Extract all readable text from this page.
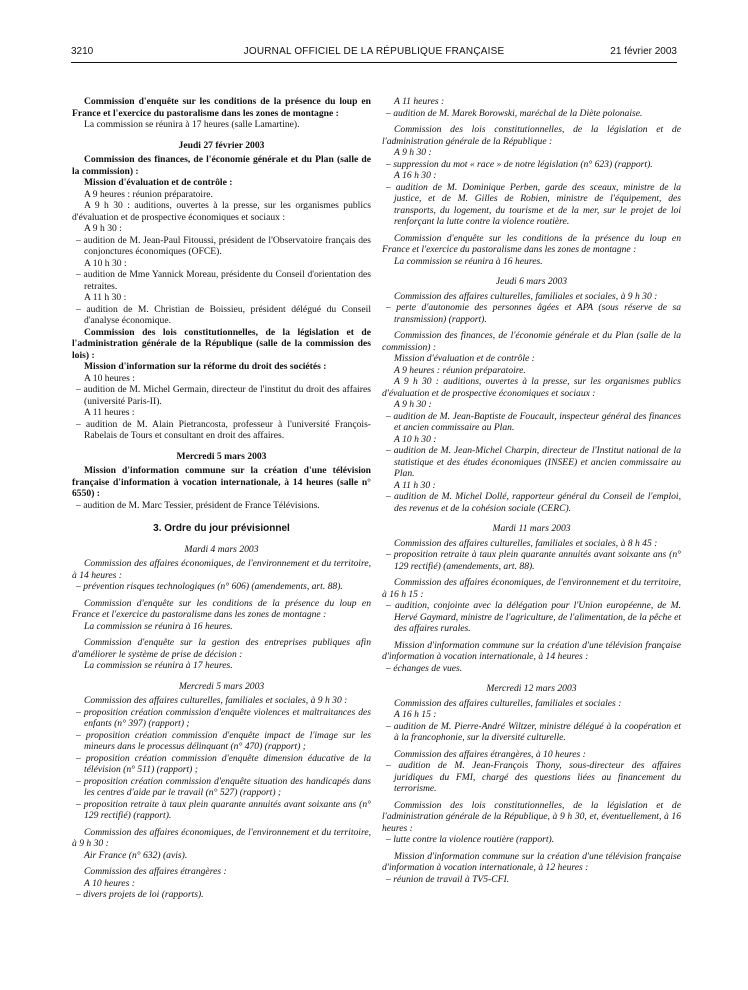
3210	JOURNAL OFFICIEL DE LA RÉPUBLIQUE FRANÇAISE	21 février 2003

Commission d'enquête sur les conditions de la présence du loup en France et l'exercice du pastoralisme dans les zones de montagne :

La commission se réunira à 17 heures (salle Lamartine).

Jeudi 27 février 2003

Commission des finances, de l'économie générale et du Plan (salle de la commission) :

Mission d'évaluation et de contrôle :

A 9 heures : réunion préparatoire.

A 9 h 30 : auditions, ouvertes à la presse, sur les organismes publics d'évaluation et de prospective économiques et sociaux :

A 9 h 30 :

– audition de M. Jean-Paul Fitoussi, président de l'Observatoire français des conjonctures économiques (OFCE).

A 10 h 30 :

– audition de Mme Yannick Moreau, présidente du Conseil d'orientation des retraites.

A 11 h 30 :

– audition de M. Christian de Boissieu, président délégué du Conseil d'analyse économique.

Commission des lois constitutionnelles, de la législation et de l'administration générale de la République (salle de la commission des lois) :

Mission d'information sur la réforme du droit des sociétés :

A 10 heures :

– audition de M. Michel Germain, directeur de l'institut du droit des affaires (université Paris-II).

A 11 heures :

– audition de M. Alain Pietrancosta, professeur à l'université François-Rabelais de Tours et consultant en droit des affaires.

Mercredi 5 mars 2003

Mission d'information commune sur la création d'une télévision française d'information à vocation internationale, à 14 heures (salle n° 6550) :

– audition de M. Marc Tessier, président de France Télévisions.

3. Ordre du jour prévisionnel

Mardi 4 mars 2003

Commission des affaires économiques, de l'environnement et du territoire, à 14 heures :

– prévention risques technologiques (n° 606) (amendements, art. 88).

Commission d'enquête sur les conditions de la présence du loup en France et l'exercice du pastoralisme dans les zones de montagne :

La commission se réunira à 16 heures.

Commission d'enquête sur la gestion des entreprises publiques afin d'améliorer le système de prise de décision :

La commission se réunira à 17 heures.

Mercredi 5 mars 2003

Commission des affaires culturelles, familiales et sociales, à 9 h 30 :

– proposition création commission d'enquête violences et maltraitances des enfants (n° 397) (rapport) ;

– proposition création commission d'enquête impact de l'image sur les mineurs dans le processus délinquant (n° 470) (rapport) ;

– proposition création commission d'enquête dimension éducative de la télévision (n° 511) (rapport) ;

– proposition création commission d'enquête situation des handicapés dans les centres d'aide par le travail (n° 527) (rapport) ;

– proposition retraite à taux plein quarante annuités avant soixante ans (n° 129 rectifié) (rapport).

Commission des affaires économiques, de l'environnement et du territoire, à 9 h 30 :

Air France (n° 632) (avis).

Commission des affaires étrangères :

A 10 heures :

– divers projets de loi (rapports).

A 11 heures :

– audition de M. Marek Borowski, maréchal de la Diète polonaise.

Commission des lois constitutionnelles, de la législation et de l'administration générale de la République :

A 9 h 30 :

– suppression du mot « race » de notre législation (n° 623) (rapport).

A 16 h 30 :

– audition de M. Dominique Perben, garde des sceaux, ministre de la justice, et de M. Gilles de Robien, ministre de l'équipement, des transports, du logement, du tourisme et de la mer, sur le projet de loi renforçant la lutte contre la violence routière.

Commission d'enquête sur les conditions de la présence du loup en France et l'exercice du pastoralisme dans les zones de montagne :

La commission se réunira à 16 heures.

Jeudi 6 mars 2003

Commission des affaires culturelles, familiales et sociales, à 9 h 30 :

– perte d'autonomie des personnes âgées et APA (sous réserve de sa transmission) (rapport).

Commission des finances, de l'économie générale et du Plan (salle de la commission) :

Mission d'évaluation et de contrôle :

A 9 heures : réunion préparatoire.

A 9 h 30 : auditions, ouvertes à la presse, sur les organismes publics d'évaluation et de prospective économiques et sociaux :

A 9 h 30 :

– audition de M. Jean-Baptiste de Foucault, inspecteur général des finances et ancien commissaire au Plan.

A 10 h 30 :

– audition de M. Jean-Michel Charpin, directeur de l'Institut national de la statistique et des études économiques (INSEE) et ancien commissaire au Plan.

A 11 h 30 :

– audition de M. Michel Dollé, rapporteur général du Conseil de l'emploi, des revenus et de la cohésion sociale (CERC).

Mardi 11 mars 2003

Commission des affaires culturelles, familiales et sociales, à 8 h 45 :

– proposition retraite à taux plein quarante annuités avant soixante ans (n° 129 rectifié) (amendements, art. 88).

Commission des affaires économiques, de l'environnement et du territoire, à 16 h 15 :

– audition, conjointe avec la délégation pour l'Union européenne, de M. Hervé Gaymard, ministre de l'agriculture, de l'alimentation, de la pêche et des affaires rurales.

Mission d'information commune sur la création d'une télévision française d'information à vocation internationale, à 14 heures :

– échanges de vues.

Mercredi 12 mars 2003

Commission des affaires culturelles, familiales et sociales :

A 16 h 15 :

– audition de M. Pierre-André Wiltzer, ministre délégué à la coopération et à la francophonie, sur la diversité culturelle.

Commission des affaires étrangères, à 10 heures :

– audition de M. Jean-François Thony, sous-directeur des affaires juridiques du FMI, chargé des questions liées au financement du terrorisme.

Commission des lois constitutionnelles, de la législation et de l'administration générale de la République, à 9 h 30, et, éventuellement, à 16 heures :

– lutte contre la violence routière (rapport).

Mission d'information commune sur la création d'une télévision française d'information à vocation internationale, à 12 heures :

– réunion de travail à TV5-CFI.
